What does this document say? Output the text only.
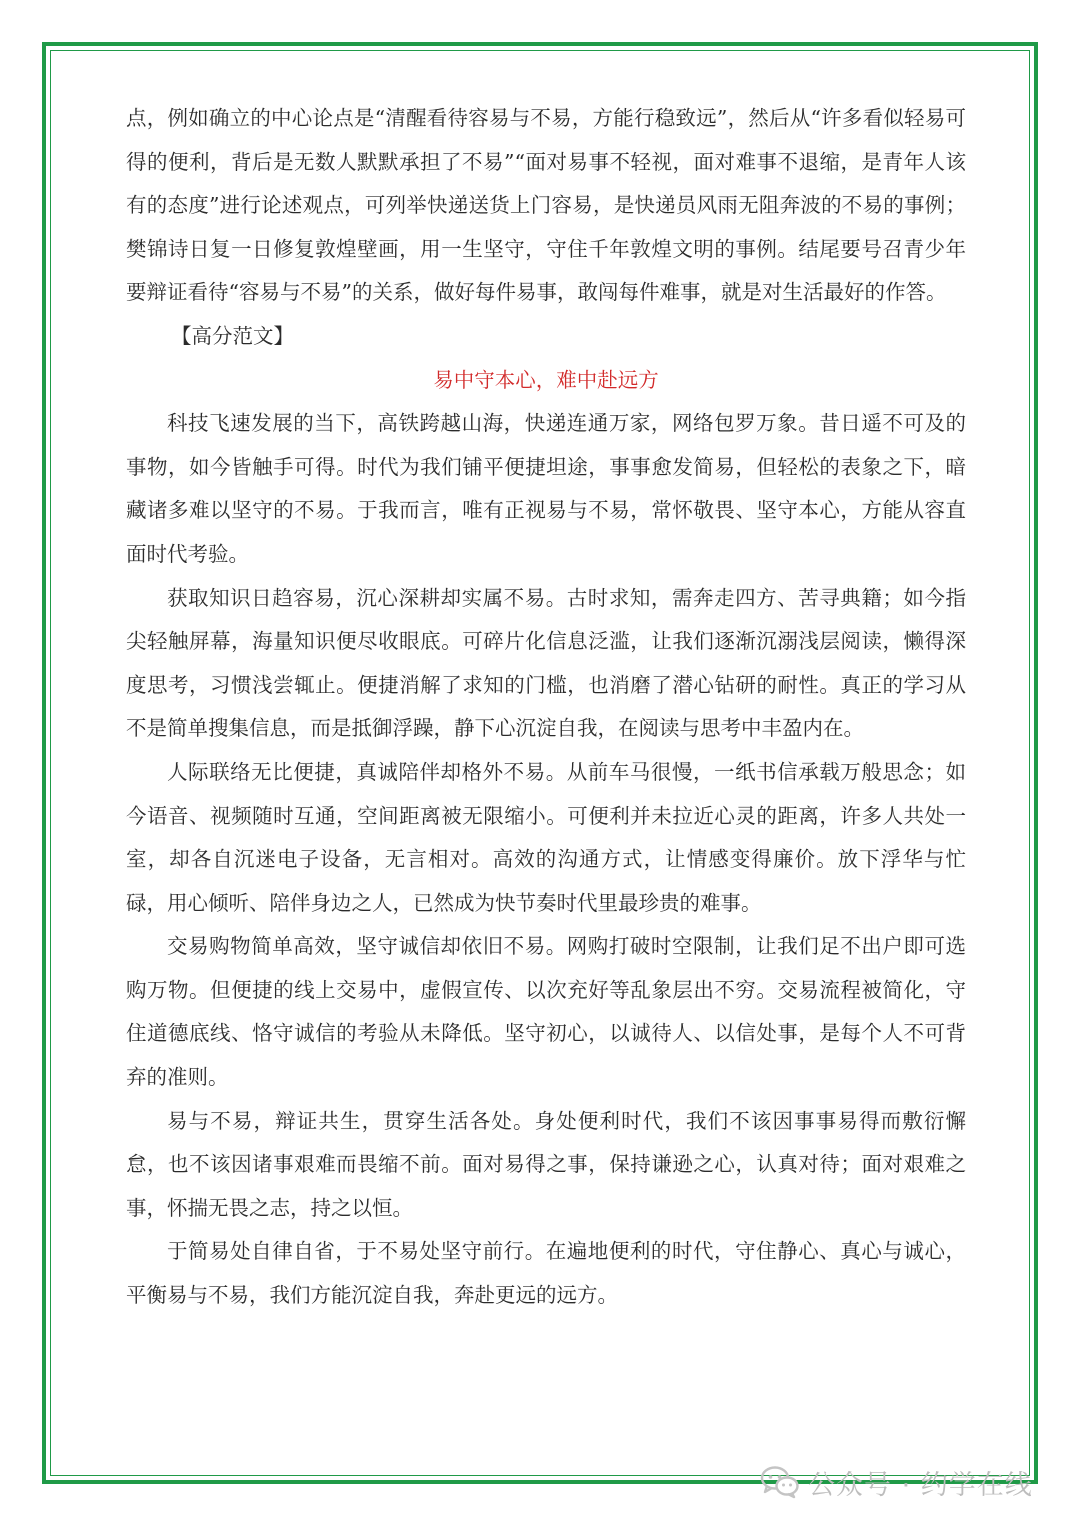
点，例如确立的中心论点是“清醒看待容易与不易，方能行稳致远”，然后从“许多看似轻易可得的便利，背后是无数人默默承担了不易”“面对易事不轻视，面对难事不退缩，是青年人该有的态度”进行论述观点，可列举快递送货上门容易，是快递员风雨无阻奔波的不易的事例；樊锦诗日复一日修复敦煌壁画，用一生坚守，守住千年敦煌文明的事例。结尾要号召青少年要辩证看待“容易与不易”的关系，做好每件易事，敢闯每件难事，就是对生活最好的作答。

【高分范文】

易中守本心，难中赴远方

科技飞速发展的当下，高铁跨越山海，快递连通万家，网络包罗万象。昔日遥不可及的事物，如今皆触手可得。时代为我们铺平便捷坦途，事事愈发简易，但轻松的表象之下，暗藏诸多难以坚守的不易。于我而言，唯有正视易与不易，常怀敬畏、坚守本心，方能从容直面时代考验。

获取知识日趋容易，沉心深耕却实属不易。古时求知，需奔走四方、苦寻典籍；如今指尖轻触屏幕，海量知识便尽收眼底。可碎片化信息泛滥，让我们逐渐沉溺浅层阅读，懒得深度思考，习惯浅尝辄止。便捷消解了求知的门槛，也消磨了潜心钻研的耐性。真正的学习从不是简单搜集信息，而是抵御浮躁，静下心沉淀自我，在阅读与思考中丰盈内在。

人际联络无比便捷，真诚陪伴却格外不易。从前车马很慢，一纸书信承载万般思念；如今语音、视频随时互通，空间距离被无限缩小。可便利并未拉近心灵的距离，许多人共处一室，却各自沉迷电子设备，无言相对。高效的沟通方式，让情感变得廉价。放下浮华与忙碌，用心倾听、陪伴身边之人，已然成为快节奏时代里最珍贵的难事。

交易购物简单高效，坚守诚信却依旧不易。网购打破时空限制，让我们足不出户即可选购万物。但便捷的线上交易中，虚假宣传、以次充好等乱象层出不穷。交易流程被简化，守住道德底线、恪守诚信的考验从未降低。坚守初心，以诚待人、以信处事，是每个人不可背弃的准则。

易与不易，辩证共生，贯穿生活各处。身处便利时代，我们不该因事事易得而敷衍懈怠，也不该因诸事艰难而畏缩不前。面对易得之事，保持谦逊之心，认真对待；面对艰难之事，怀揣无畏之志，持之以恒。

于简易处自律自省，于不易处坚守前行。在遍地便利的时代，守住静心、真心与诚心，平衡易与不易，我们方能沉淀自我，奔赴更远的远方。

公众号 · 约学在线
